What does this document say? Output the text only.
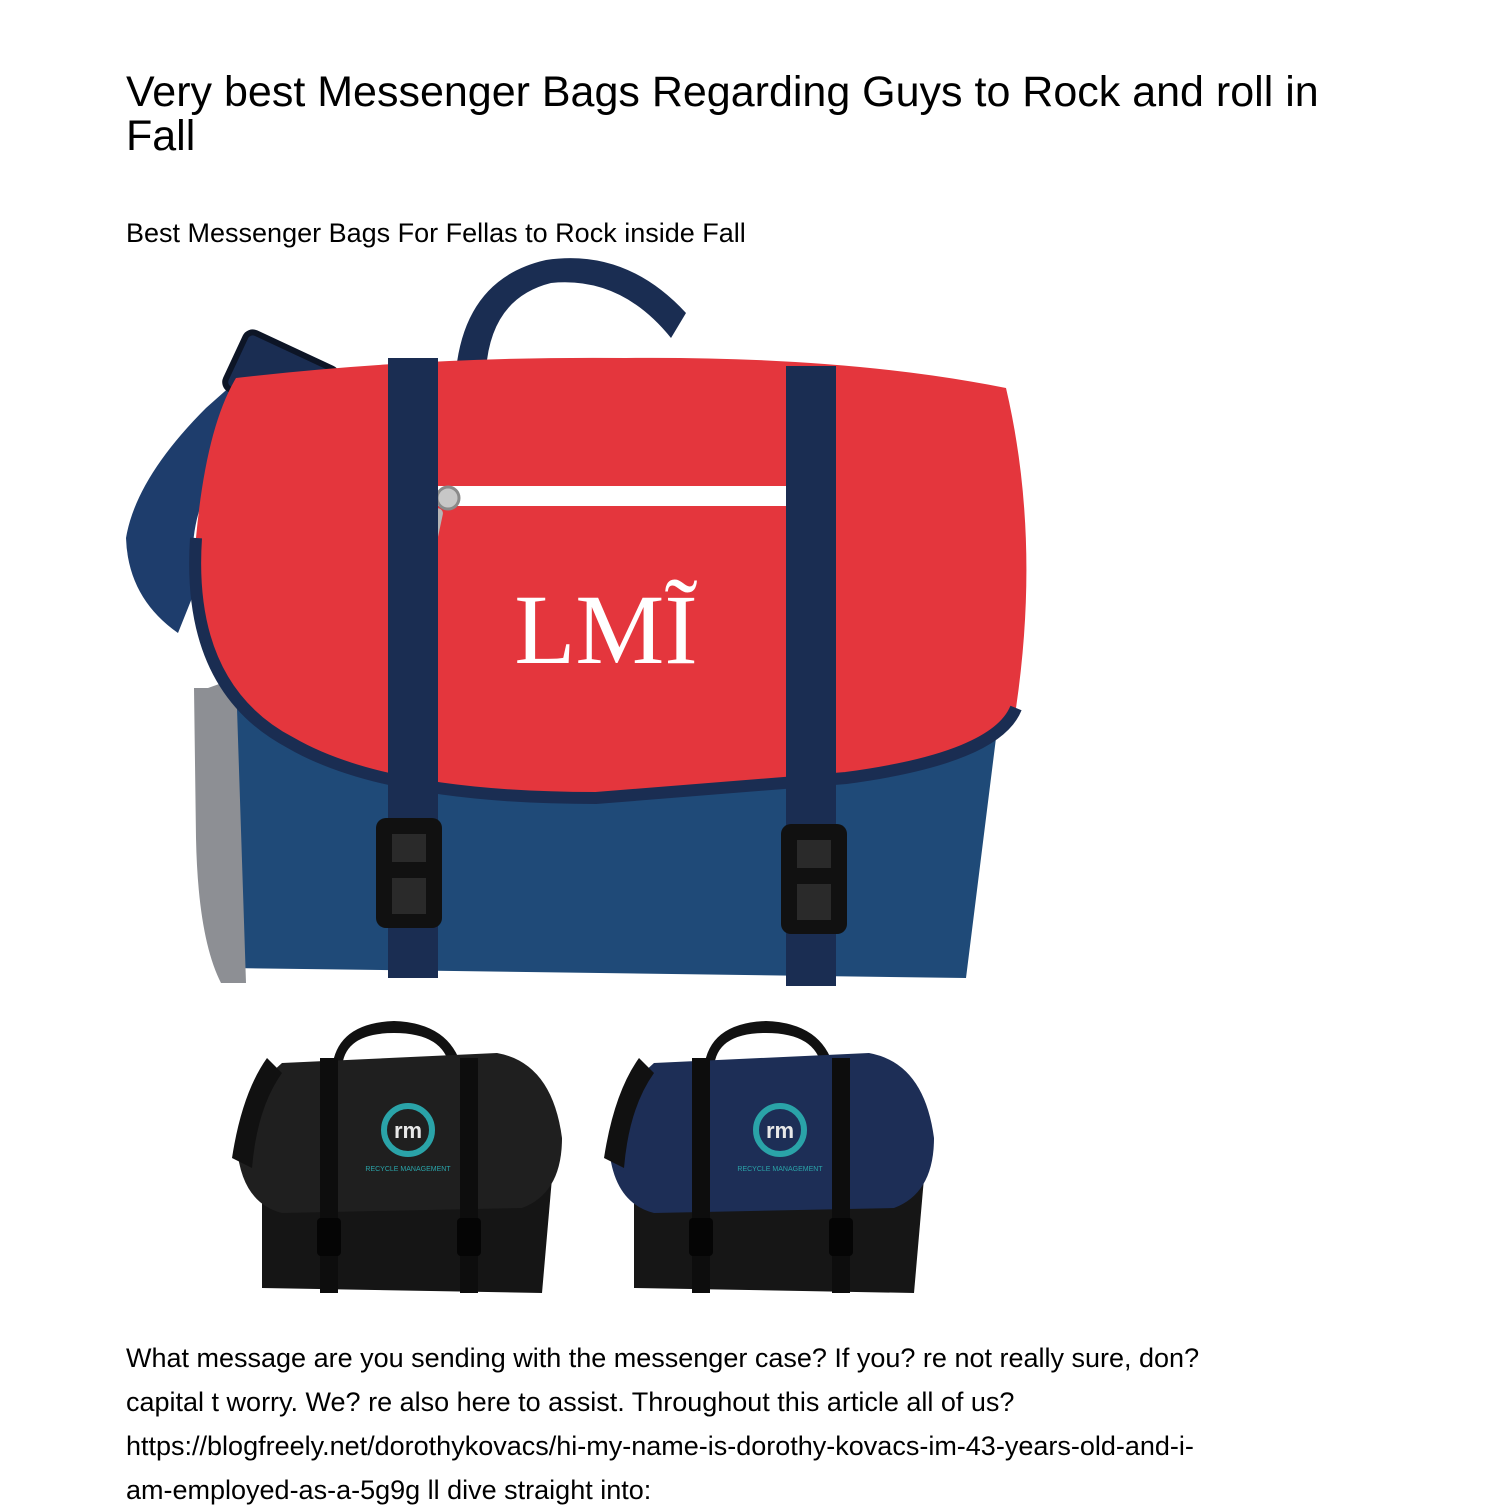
Very best Messenger Bags Regarding Guys to Rock and roll in Fall

Best Messenger Bags For Fellas to Rock inside Fall

LMĨ
rm
RECYCLE MANAGEMENT
rm
RECYCLE MANAGEMENT

What message are you sending with the messenger case? If you? re not really sure, don?
capital t worry. We? re also here to assist. Throughout this article all of us?
https://blogfreely.net/dorothykovacs/hi-my-name-is-dorothy-kovacs-im-43-years-old-and-i-
am-employed-as-a-5g9g ll dive straight into:
